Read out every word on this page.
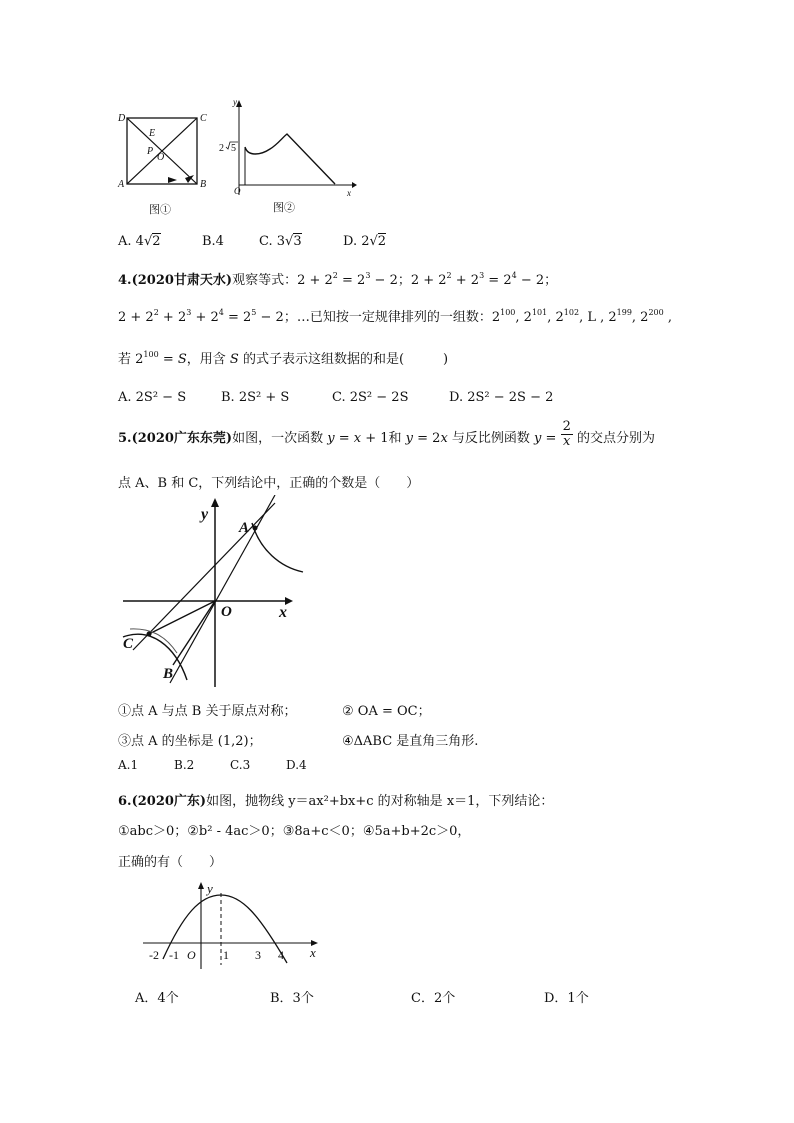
D	C
A	B
E
P
O
图①
y
x
O
2 5
图②
A. 4√2	B.4	C. 3√3	D. 2√2
4.(2020甘肃天水)观察等式：$2 + 2^2 = 2^3 - 2$；$2 + 2^2 + 2^3 = 2^4 - 2$；
$2 + 2^2 + 2^3 + 2^4 = 2^5 - 2$；…已知按一定规律排列的一组数：$2^{100}$, $2^{101}$, $2^{102}$, L , $2^{199}$, $2^{200}$ ,
若 $2^{100} = S$，用含 S 的式子表示这组数据的和是(　　　)
A. 2S² − S	B. 2S² + S	C. 2S² − 2S	D. 2S² − 2S − 2
5.(2020广东东莞)如图，一次函数 y = x + 1和 y = 2x 与反比例函数 $y = \frac{2}{x}$ 的交点分别为
点 A、B 和 C，下列结论中，正确的个数是（　　）
y
x
O
A
B
C
①点 A 与点 B 关于原点对称；	② OA = OC；
③点 A 的坐标是 (1,2)；	④ΔABC 是直角三角形.
A.1	B.2	C.3	D.4
6.(2020广东)如图，抛物线 y＝ax²+bx+c 的对称轴是 x＝1，下列结论：
①abc＞0；②b² - 4ac＞0；③8a+c＜0；④5a+b+2c＞0，
正确的有（　　）
y
x
O
-2 -1	1 3 4
A．4个	B．3个	C．2个	D．1个
